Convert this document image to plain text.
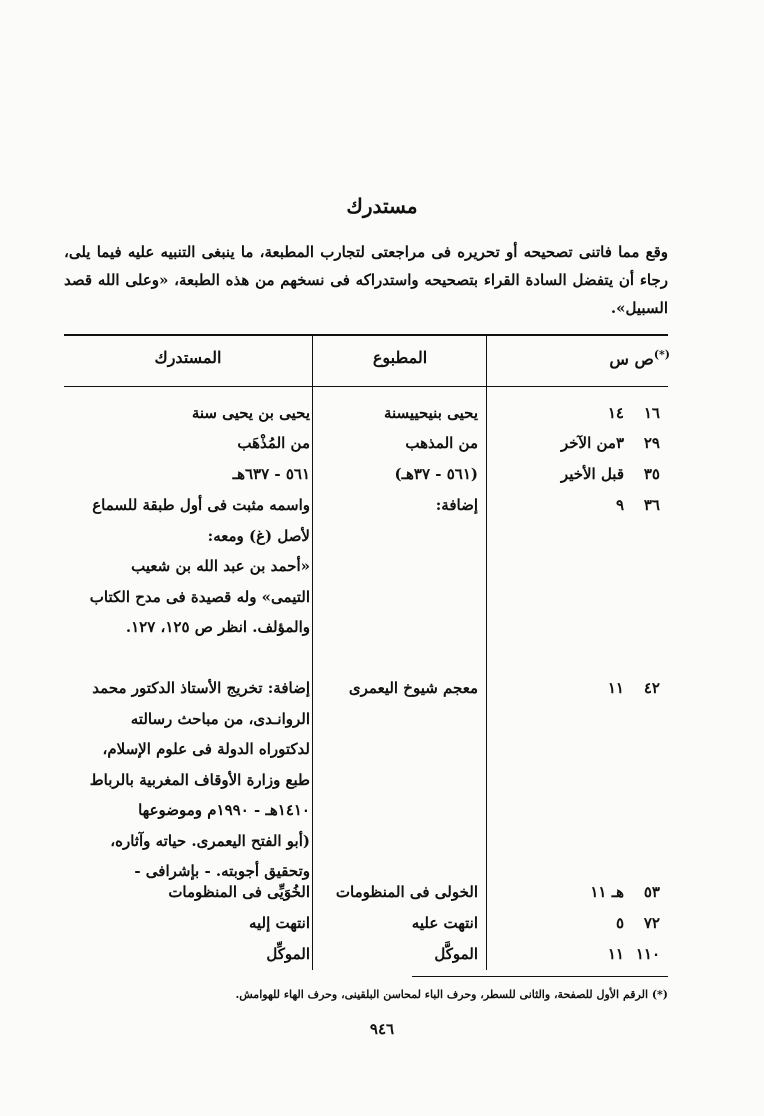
مستدرك
وقع مما فاتنى تصحيحه أو تحريره فى مراجعتى لتجارب المطبعة، ما ينبغى التنبيه عليه فيما يلى، رجاء أن يتفضل السادة القراء بتصحيحه واستدراكه فى نسخهم من هذه الطبعة، «وعلى الله قصد السبيل».
(*)ص س
المطبوع
المستدرك
١٦
١٤
يحيى بنيحييسنة
يحيى بن يحيى سنة
٢٩
٣من الآخر
من المذهب
من المُذْهَب
٣٥
قبل الأخير
(٥٦١ - ٣٧هـ)
٥٦١ - ٦٣٧هـ
٣٦
٩
إضافة:
واسمه مثبت فى أول طبقة للسماع
لأصل (غ) ومعه:
«أحمد بن عبد الله بن شعيب
التيمى» وله قصيدة فى مدح الكتاب
والمؤلف. انظر ص ١٢٥، ١٢٧.
٤٢
١١
معجم شيوخ اليعمرى
إضافة: تخريج الأستاذ الدكتور محمد
الروانـدى، من مباحث رسالته
لدكتوراه الدولة فى علوم الإسلام،
طبع وزارة الأوقاف المغربية بالرباط
١٤١٠هـ - ١٩٩٠م وموضوعها
(أبو الفتح اليعمرى. حياته وآثاره،
وتحقيق أجوبته. - بإشرافى -
٥٣
هـ ١١
الخولى فى المنظومات
الخُوَيِّى فى المنظومات
٧٢
٥
انتهت عليه
انتهت إليه
١١٠
١١
الموكَّل
الموكِّل
(*) الرقم الأول للصفحة، والثانى للسطر، وحرف الباء لمحاسن البلقينى، وحرف الهاء للهوامش.
٩٤٦
